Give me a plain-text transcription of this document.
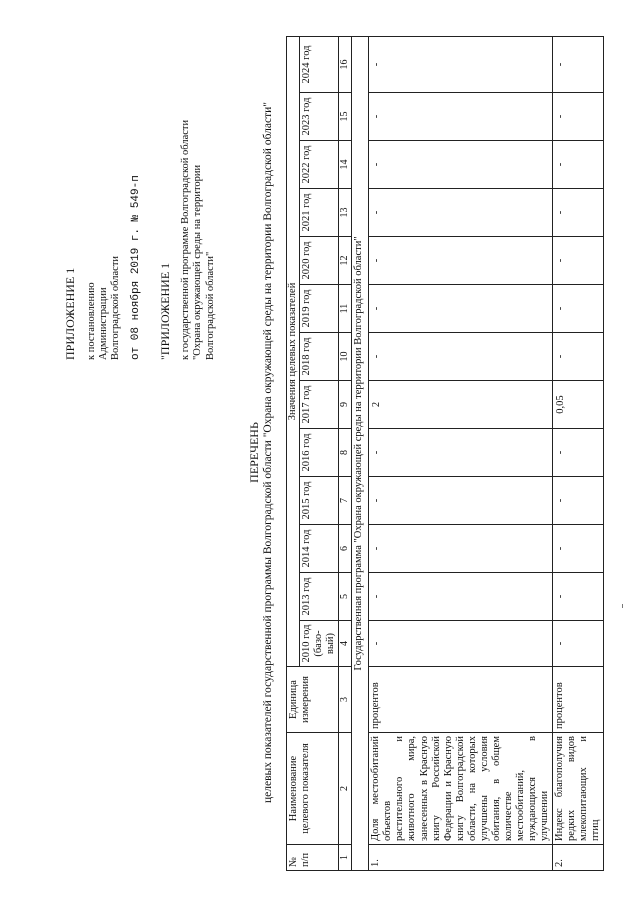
ПРИЛОЖЕНИЕ 1 к постановлению Администрации Волгоградской области от 08 ноября 2019 г. № 549-п "ПРИЛОЖЕНИЕ 1 к государственной программе Волгоградской области "Охрана окружающей среды на территории Волгоградской области"
ПЕРЕЧЕНЬ целевых показателей государственной программы Волгоградской области "Охрана окружающей среды на территории Волгоградской области"
№ п/п	Наименование целевого показателя	Единица измерения	Значения целевых показателей												
			2010 год (базо-вый)	2013 год	2014 год	2015 год	2016 год	2017 год	2018 год	2019 год	2020 год	2021 год	2022 год	2023 год	2024 год
1	2	3	4	5	6	7	8	9	10	11	12	13	14	15	16
Государственная программа "Охрана окружающей среды на территории Волгоградской области"															
1.	Доля местообитаний объектов растительного и животного мира, занесенных в Красную книгу Российской Федерации и Красную книгу Волгоградской области, на которых улучшены условия обитания, в общем количестве местообитаний, нуждающихся в улучшении	процентов	-	-	-	-	-	2	-	-	-	-	-	-	-
2.	Индекс благополучия редких видов млекопитающих и птиц	процентов	-	-	-	-	-	0,05	-	-	-	-	-	-	-
